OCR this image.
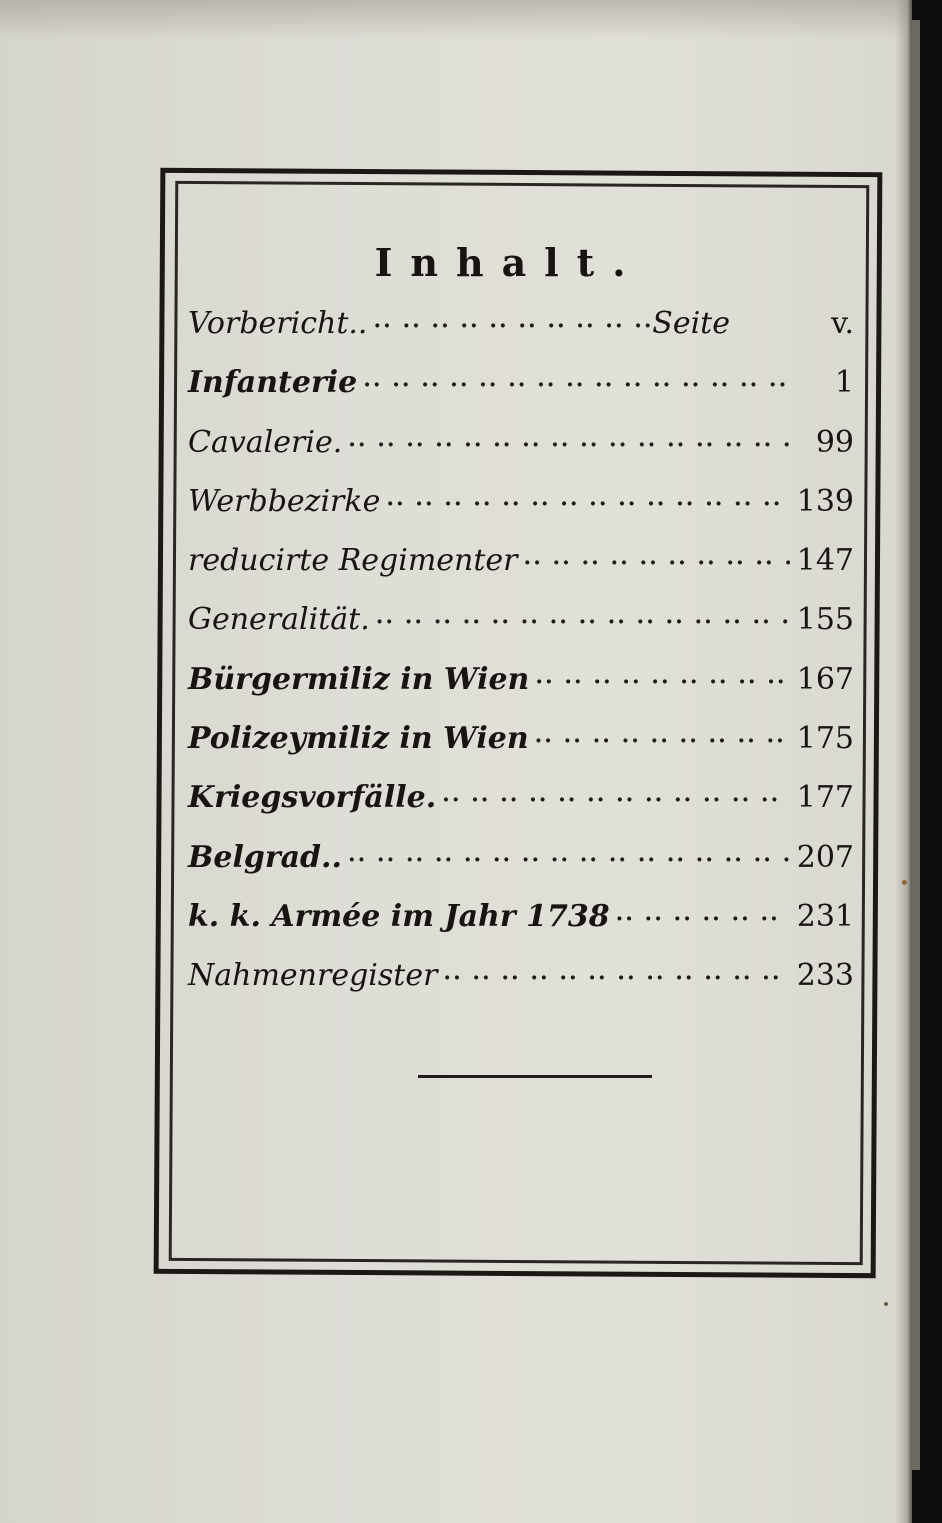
Inhalt.
Vorbericht.. ·· ··	Seite	v.
Infanterie ·· ··	1
Cavalerie. ·· ··	99
Werbbezirke ·· ··	139
reducirte Regimenter ·· ··	147
Generalität. ·· ··	155
Bürgermiliz in Wien ·· ··	167
Polizeymiliz in Wien ·· ··	175
Kriegsvorfälle. ·· ··	177
Belgrad.. ·· ··	207
k. k. Armée im Jahr 1738 ·· ··	231
Nahmenregister ·· ··	233
